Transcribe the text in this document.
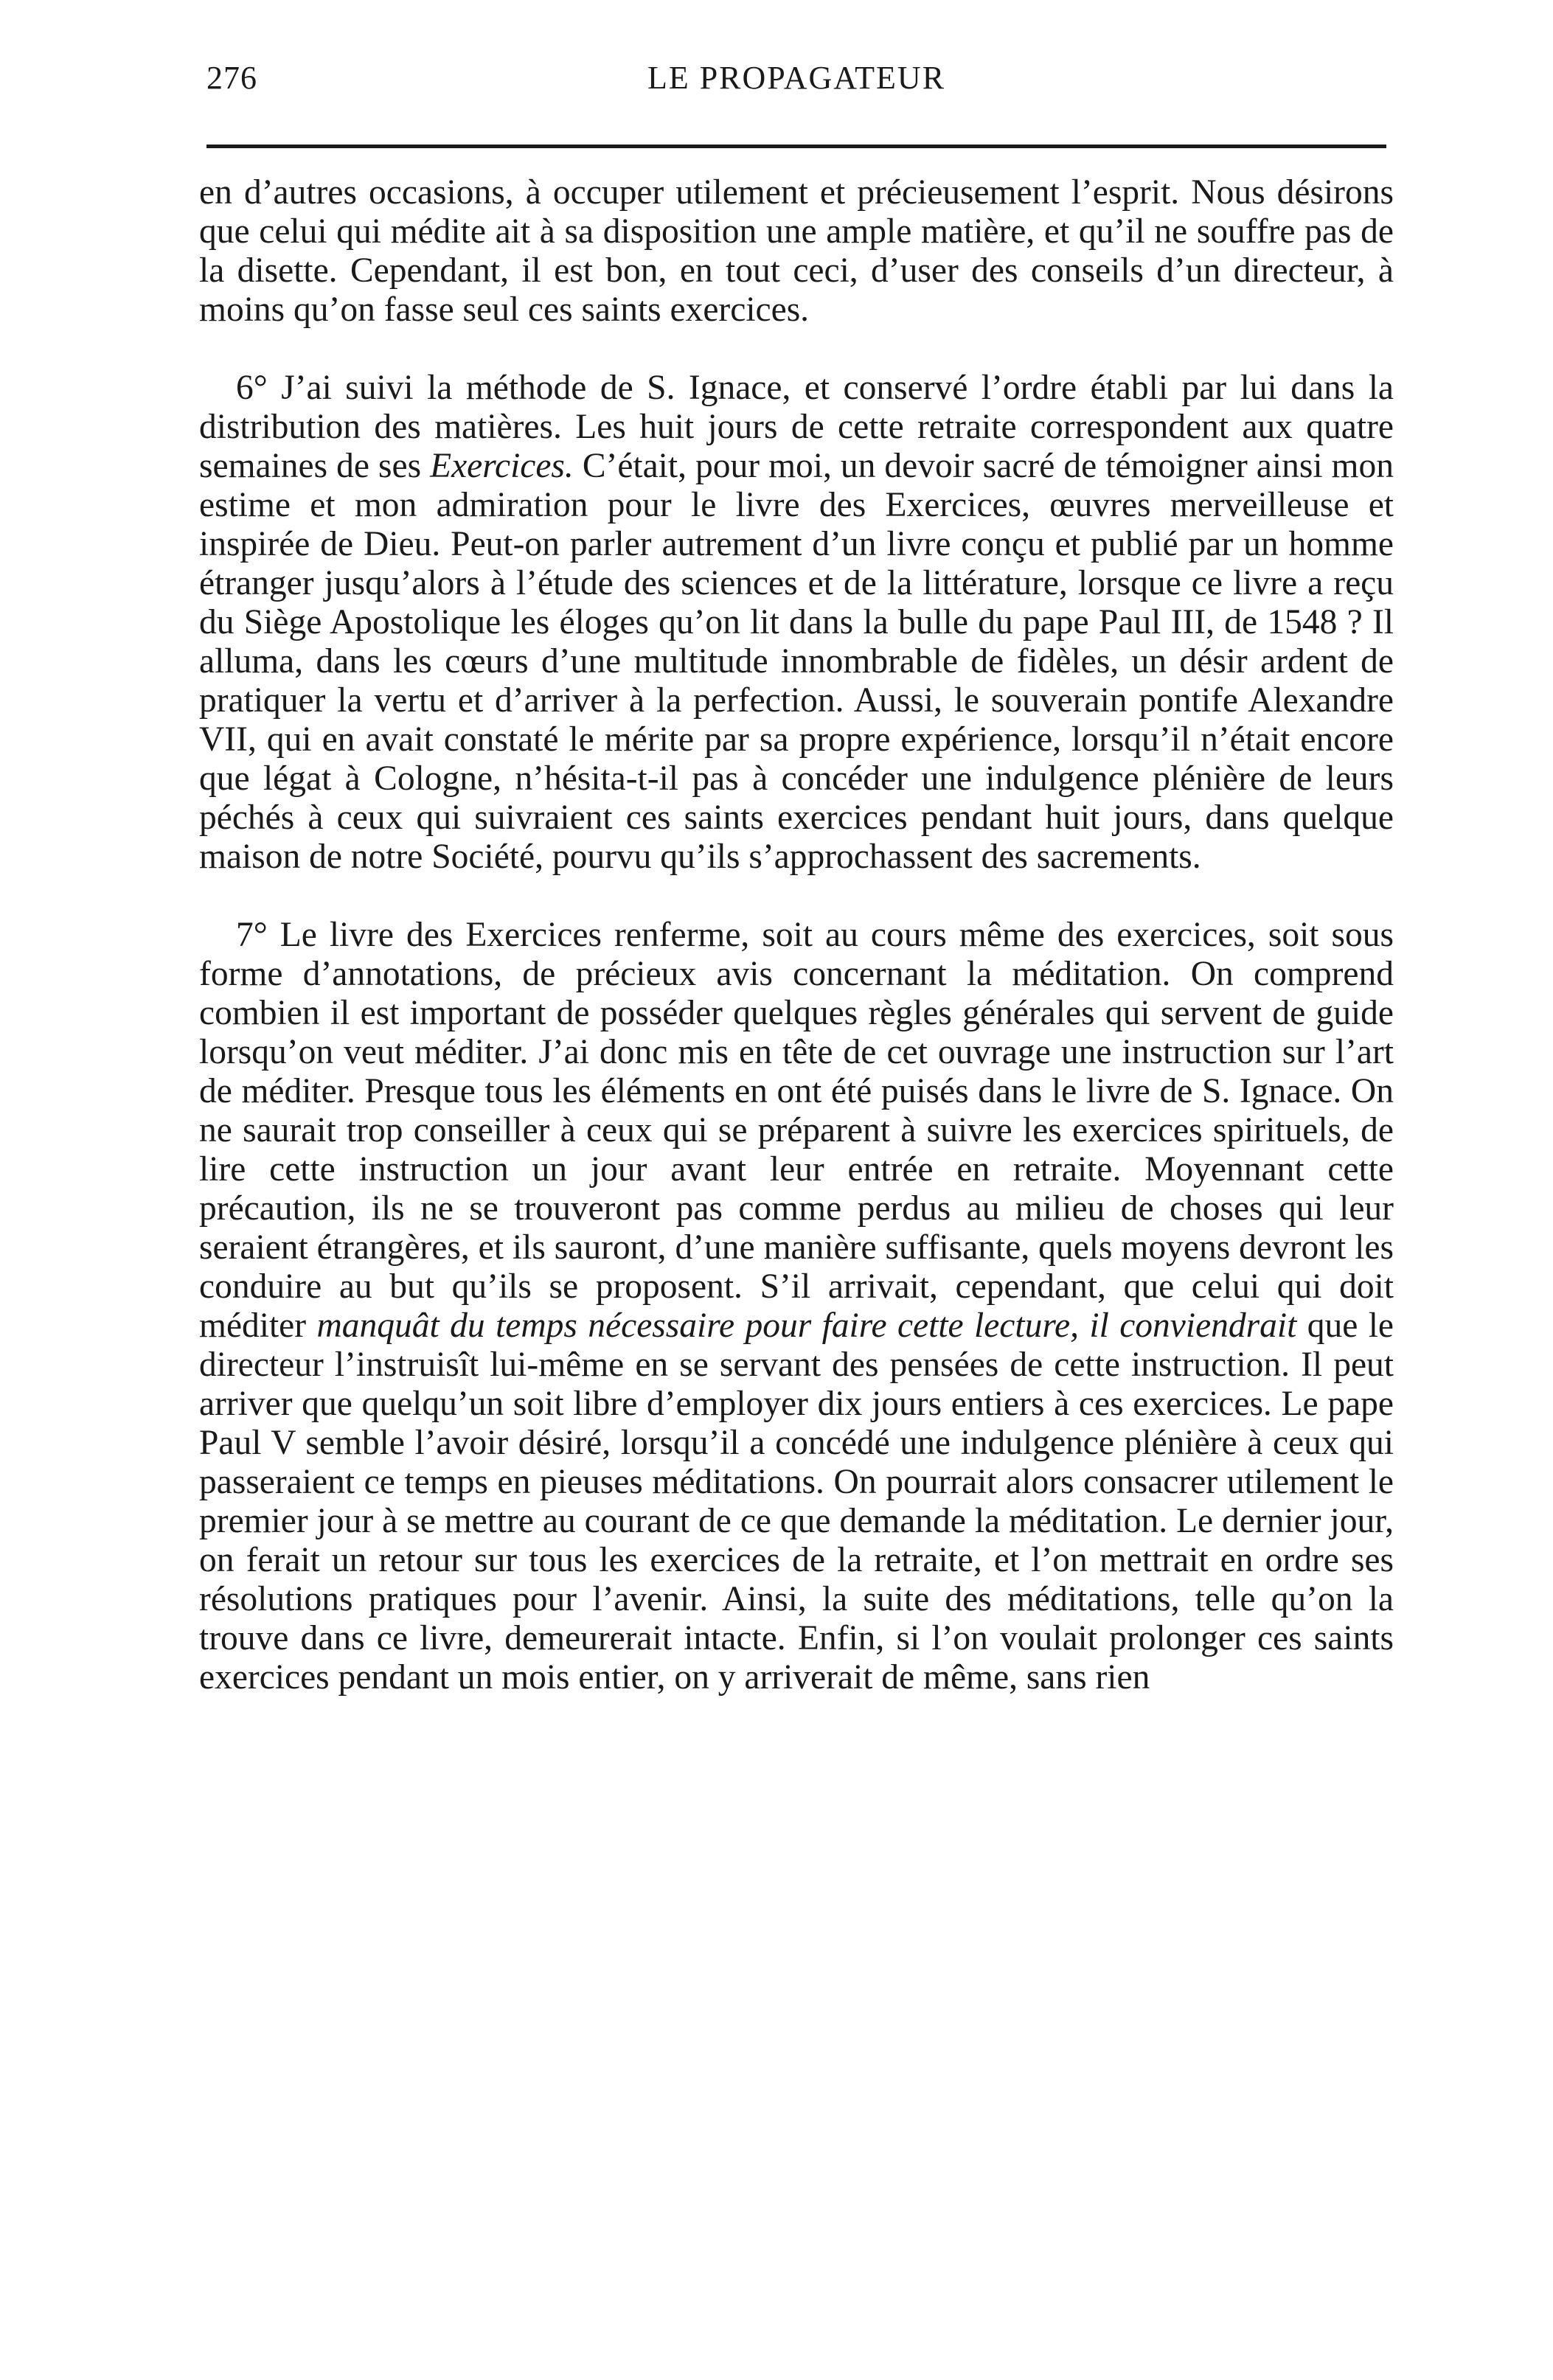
276	LE PROPAGATEUR

en d’autres occasions, à occuper utilement et précieusement l’esprit. Nous désirons que celui qui médite ait à sa disposition une ample matière, et qu’il ne souffre pas de la disette. Cependant, il est bon, en tout ceci, d’user des conseils d’un directeur, à moins qu’on fasse seul ces saints exercices.

6° J’ai suivi la méthode de S. Ignace, et conservé l’ordre établi par lui dans la distribution des matières. Les huit jours de cette retraite correspondent aux quatre semaines de ses Exercices. C’était, pour moi, un devoir sacré de témoigner ainsi mon estime et mon admiration pour le livre des Exercices, œuvres merveilleuse et inspirée de Dieu. Peut-on parler autrement d’un livre conçu et publié par un homme étranger jusqu’alors à l’étude des sciences et de la littérature, lorsque ce livre a reçu du Siège Apostolique les éloges qu’on lit dans la bulle du pape Paul III, de 1548 ? Il alluma, dans les cœurs d’une multitude innombrable de fidèles, un désir ardent de pratiquer la vertu et d’arriver à la perfection. Aussi, le souverain pontife Alexandre VII, qui en avait constaté le mérite par sa propre expérience, lorsqu’il n’était encore que légat à Cologne, n’hésita-t-il pas à concéder une indulgence plénière de leurs péchés à ceux qui suivraient ces saints exercices pendant huit jours, dans quelque maison de notre Société, pourvu qu’ils s’approchassent des sacrements.

7° Le livre des Exercices renferme, soit au cours même des exercices, soit sous forme d’annotations, de précieux avis concernant la méditation. On comprend combien il est important de posséder quelques règles générales qui servent de guide lorsqu’on veut méditer. J’ai donc mis en tête de cet ouvrage une instruction sur l’art de méditer. Presque tous les éléments en ont été puisés dans le livre de S. Ignace. On ne saurait trop conseiller à ceux qui se préparent à suivre les exercices spirituels, de lire cette instruction un jour avant leur entrée en retraite. Moyennant cette précaution, ils ne se trouveront pas comme perdus au milieu de choses qui leur seraient étrangères, et ils sauront, d’une manière suffisante, quels moyens devront les conduire au but qu’ils se proposent. S’il arrivait, cependant, que celui qui doit méditer manquât du temps nécessaire pour faire cette lecture, il conviendrait que le directeur l’instruisît lui-même en se servant des pensées de cette instruction. Il peut arriver que quelqu’un soit libre d’employer dix jours entiers à ces exercices. Le pape Paul V semble l’avoir désiré, lorsqu’il a concédé une indulgence plénière à ceux qui passeraient ce temps en pieuses méditations. On pourrait alors consacrer utilement le premier jour à se mettre au courant de ce que demande la méditation. Le dernier jour, on ferait un retour sur tous les exercices de la retraite, et l’on mettrait en ordre ses résolutions pratiques pour l’avenir. Ainsi, la suite des méditations, telle qu’on la trouve dans ce livre, demeurerait intacte. Enfin, si l’on voulait prolonger ces saints exercices pendant un mois entier, on y arriverait de même, sans rien
